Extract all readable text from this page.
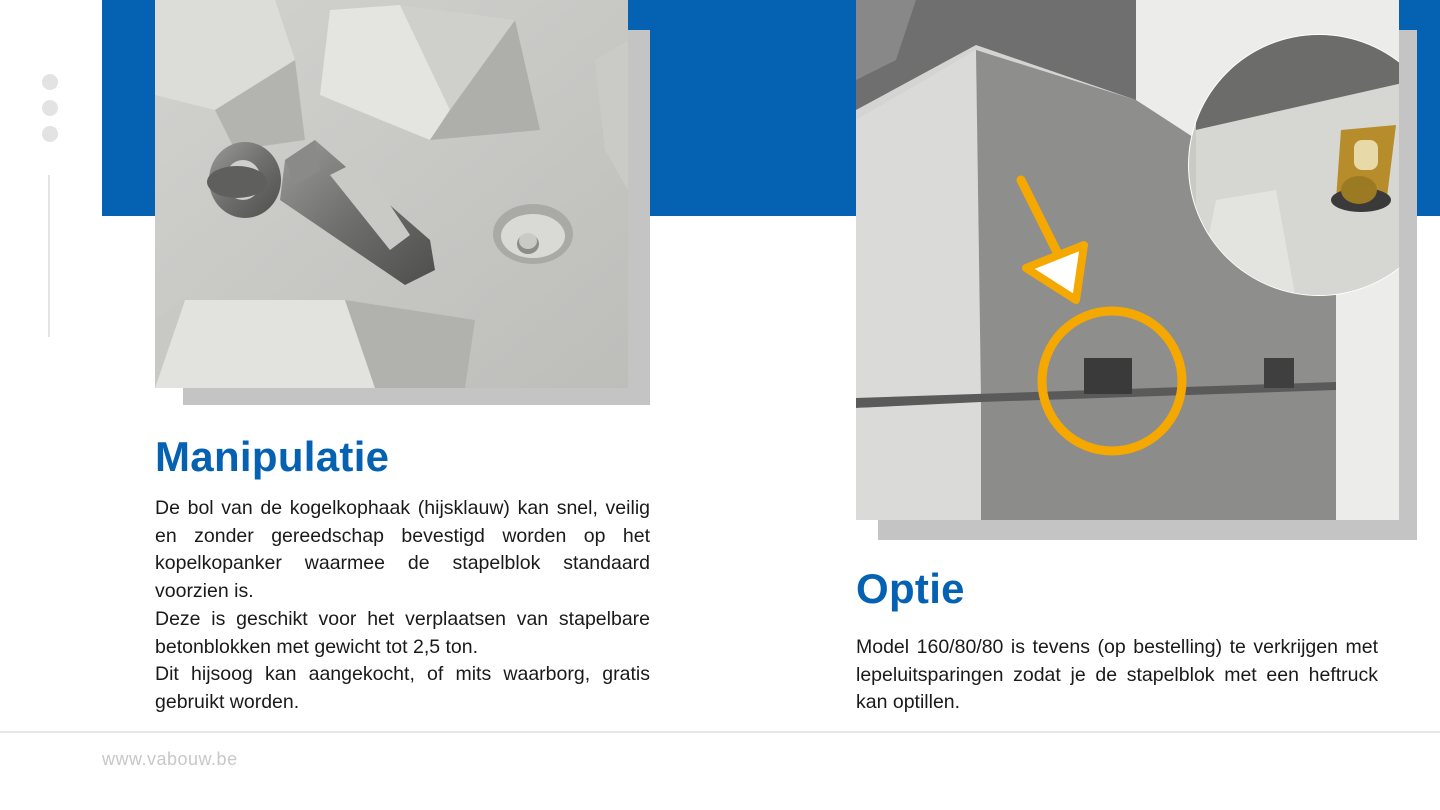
Manipulatie

De bol van de kogelkophaak (hijsklauw) kan snel, veilig en zonder gereedschap bevestigd worden op het kopelkopanker waarmee de stapelblok standaard voorzien is.

Deze is geschikt voor het verplaatsen van stapelbare betonblokken met gewicht tot 2,5 ton.

Dit hijsoog kan aangekocht, of mits waarborg, gratis gebruikt worden.

Optie

Model 160/80/80 is tevens (op bestelling) te verkrijgen met lepeluitsparingen zodat je de stapelblok met een heftruck kan optillen.

www.vabouw.be
